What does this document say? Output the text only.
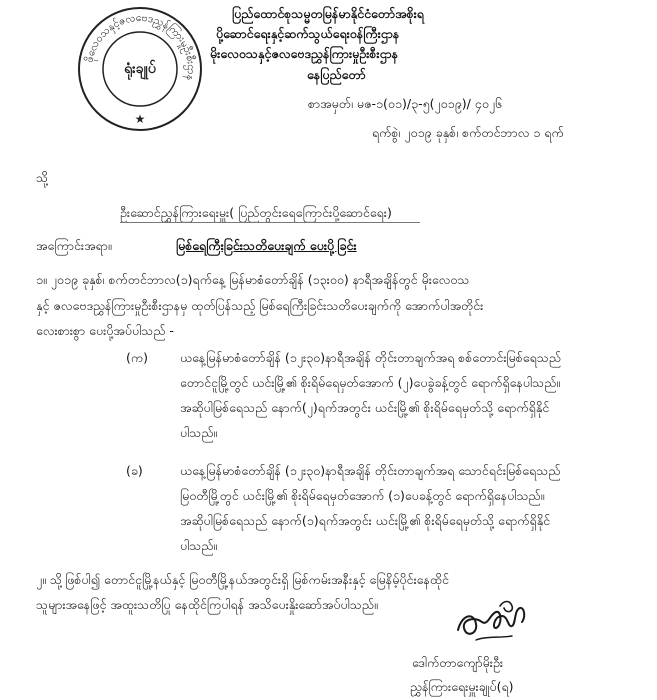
ဖိုလေဝသနှင့်ဇလဗေဒညွှန်ကြားမှုဦးစီးဌာန
ရုံးချုပ်
★
ပြည်ထောင်စုသမ္မတမြန်မာနိုင်ငံတော်အစိုးရ
ပို့ဆောင်ရေးနှင့်ဆက်သွယ်ရေးဝန်ကြီးဌာန
မိုးလေဝသနှင့်ဇလဗေဒညွှန်ကြားမှုဦးစီးဌာန
နေပြည်တော်
စာအမှတ်၊ မဇ-၁(၀၁)/၃-၅(၂၀၁၉)/ ၄၀၂၆
ရက်စွဲ၊ ၂၀၁၉ ခုနှစ်၊ စက်တင်ဘာလ ၁ ရက်
သို့
ဦးဆောင်ညွှန်ကြားရေးမှူး( ပြည်တွင်းရေကြောင်းပို့ဆောင်ရေး)
အကြောင်းအရာ။	မြစ်ရေကြီးခြင်းသတိပေးချက် ပေးပို့ခြင်း
၁။ ၂၀၁၉ ခုနှစ်၊ စက်တင်ဘာလ(၁)ရက်နေ့ မြန်မာစံတော်ချိန် (၁၃း၀၀) နာရီအချိန်တွင် မိုးလေဝသ
နှင့် ဇလဗေဒညွှန်ကြားမှုဦးစီးဌာနမှ ထုတ်ပြန်သည့် မြစ်ရေကြီးခြင်းသတိပေးချက်ကို အောက်ပါအတိုင်း
လေးစားစွာ ပေးပို့အပ်ပါသည် -
(က)	ယနေ့မြန်မာစံတော်ချိန် (၁၂း၃၀)နာရီအချိန် တိုင်းတာချက်အရ စစ်တောင်းမြစ်ရေသည်
တောင်ငူမြို့တွင် ယင်းမြို့၏ စိုးရိမ်ရေမှတ်အောက် (၂)ပေခွဲခန့်တွင် ရောက်ရှိနေပါသည်။
အဆိုပါမြစ်ရေသည် နောက်(၂)ရက်အတွင်း ယင်းမြို့၏ စိုးရိမ်ရေမှတ်သို့ ရောက်ရှိနိုင်
ပါသည်။
(ခ)	ယနေ့မြန်မာစံတော်ချိန် (၁၂း၃၀)နာရီအချိန် တိုင်းတာချက်အရ သောင်ရင်းမြစ်ရေသည်
မြဝတီမြို့တွင် ယင်းမြို့၏ စိုးရိမ်ရေမှတ်အောက် (၁)ပေခန့်တွင် ရောက်ရှိနေပါသည်။
အဆိုပါမြစ်ရေသည် နောက်(၁)ရက်အတွင်း ယင်းမြို့၏ စိုးရိမ်ရေမှတ်သို့ ရောက်ရှိနိုင်
ပါသည်။
၂။ သို့ဖြစ်ပါ၍ တောင်ငူမြို့နယ်နှင့် မြဝတီမြို့နယ်အတွင်းရှိ မြစ်ကမ်းအနီးနှင့် မြေနိမ့်ပိုင်းနေထိုင်
သူများအနေဖြင့် အထူးသတိပြု နေထိုင်ကြပါရန် အသိပေးနှိုးဆော်အပ်ပါသည်။
ဒေါက်တာကျော်မိုးဦး
ညွှန်ကြားရေးမှူးချုပ်(ရ)
